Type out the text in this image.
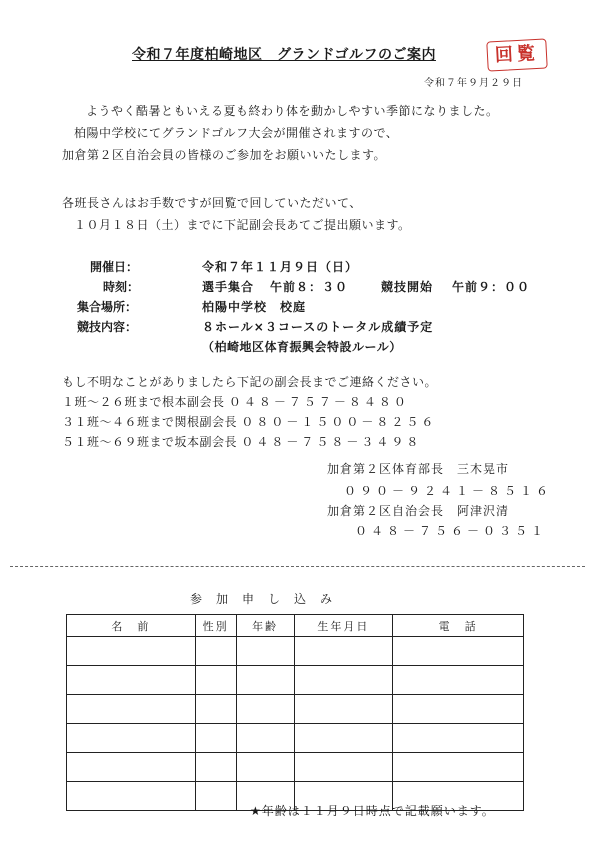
令和７年度柏崎地区　グランドゴルフのご案内	回覧
令和７年９月２９日
ようやく酷暑ともいえる夏も終わり体を動かしやすい季節になりました。
柏陽中学校にてグランドゴルフ大会が開催されますので、
加倉第２区自治会員の皆様のご参加をお願いいたします。
各班長さんはお手数ですが回覧で回していただいて、
１０月１８日（土）までに下記副会長あてご提出願います。
開催日：	令和７年１１月９日（日）
時刻：	選手集合 午前８：３０	競技開始 午前９：００
集合場所：	柏陽中学校　校庭
競技内容：	８ホール×３コースのトータル成績予定
（柏崎地区体育振興会特設ルール）
もし不明なことがありましたら下記の副会長までご連絡ください。
１班～２６班まで根本副会長 ０４８－７５７－８４８０
３１班～４６班まで関根副会長 ０８０－１５００－８２５６
５１班～６９班まで坂本副会長 ０４８－７５８－３４９８
加倉第２区体育部長　三木晃市
０９０－９２４１－８５１６
加倉第２区自治会長　阿津沢清
０４８－７５６－０３５１
参加申し込み
名　前	性別	年齢	生年月日	電　話

★年齢は１１月９日時点で記載願います。
